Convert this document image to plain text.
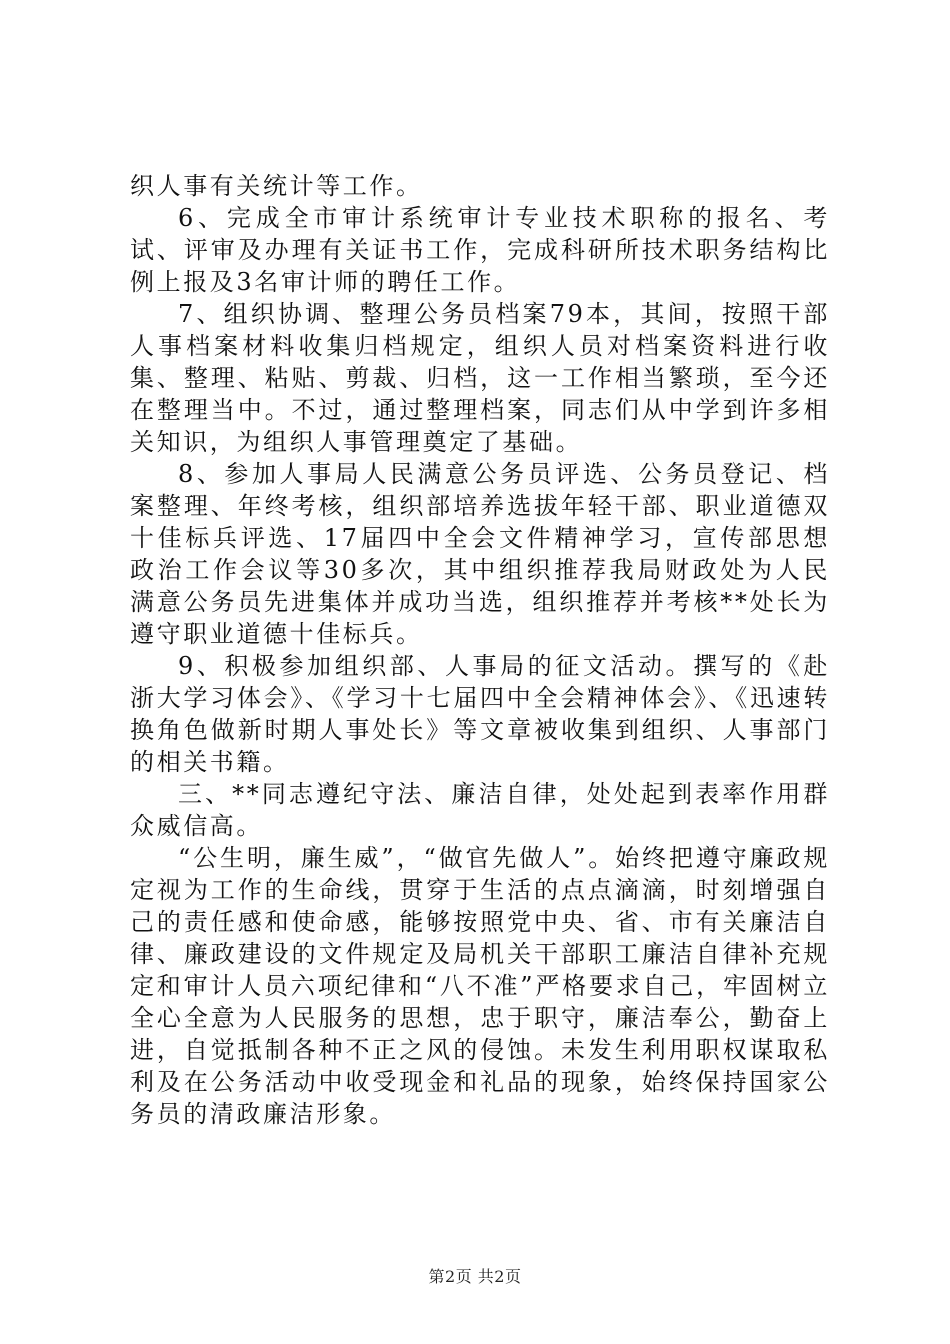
织人事有关统计等工作。

6、完成全市审计系统审计专业技术职称的报名、考试、评审及办理有关证书工作，完成科研所技术职务结构比例上报及3名审计师的聘任工作。

7、组织协调、整理公务员档案79本，其间，按照干部人事档案材料收集归档规定，组织人员对档案资料进行收集、整理、粘贴、剪裁、归档，这一工作相当繁琐，至今还在整理当中。不过，通过整理档案，同志们从中学到许多相关知识，为组织人事管理奠定了基础。

8、参加人事局人民满意公务员评选、公务员登记、档案整理、年终考核，组织部培养选拔年轻干部、职业道德双十佳标兵评选、17届四中全会文件精神学习，宣传部思想政治工作会议等30多次，其中组织推荐我局财政处为人民满意公务员先进集体并成功当选，组织推荐并考核**处长为遵守职业道德十佳标兵。

9、积极参加组织部、人事局的征文活动。撰写的《赴浙大学习体会》、《学习十七届四中全会精神体会》、《迅速转换角色做新时期人事处长》等文章被收集到组织、人事部门的相关书籍。

三、**同志遵纪守法、廉洁自律，处处起到表率作用群众威信高。

“公生明，廉生威”，“做官先做人”。始终把遵守廉政规定视为工作的生命线，贯穿于生活的点点滴滴，时刻增强自己的责任感和使命感，能够按照党中央、省、市有关廉洁自律、廉政建设的文件规定及局机关干部职工廉洁自律补充规定和审计人员六项纪律和“八不准”严格要求自己，牢固树立全心全意为人民服务的思想，忠于职守，廉洁奉公，勤奋上进，自觉抵制各种不正之风的侵蚀。未发生利用职权谋取私利及在公务活动中收受现金和礼品的现象，始终保持国家公务员的清政廉洁形象。

第2页 共2页
